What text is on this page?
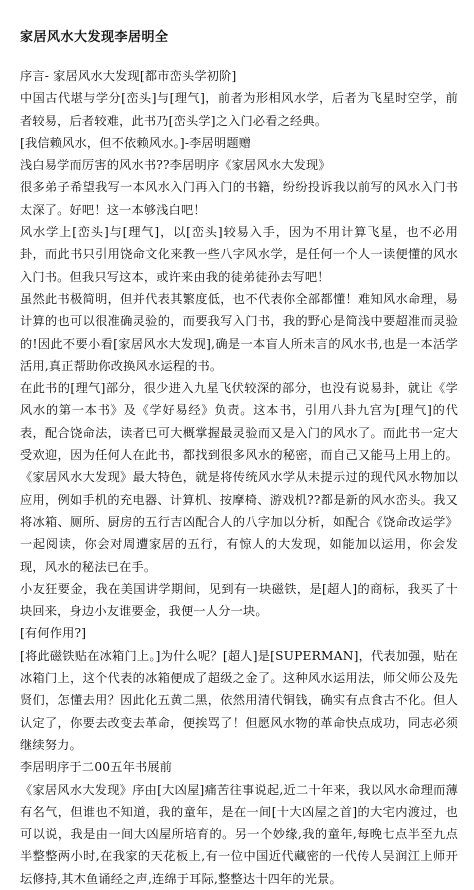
家居风水大发现李居明全

序言- 家居风水大发现[都市峦头学初阶]

中国古代堪与学分[峦头]与[理气]，前者为形相风水学，后者为飞星时空学，前者较易，后者较难，此书乃[峦头学]之入门必看之经典。

[我信赖风水，但不依赖风水。]-李居明题赠

浅白易学而厉害的风水书??李居明序《家居风水大发现》

很多弟子希望我写一本风水入门再入门的书籍，纷纷投诉我以前写的风水入门书太深了。好吧！这一本够浅白吧！

风水学上[峦头]与[理气]，以[峦头]较易入手，因为不用计算飞星，也不必用卦，而此书只引用饶命文化来教一些八字风水学，是任何一个人一读便懂的风水入门书。但我只写这本，或许来由我的徒弟徒孙去写吧！

虽然此书极简明，但并代表其繁度低，也不代表你全部都懂！难知风水命理，易计算的也可以很准确灵验的，而要我写入门书，我的野心是简浅中要超准而灵验的!因此不要小看[家居风水大发现],确是一本盲人所未言的风水书,也是一本活学活用,真正帮助你改换风水运程的书。

在此书的[理气]部分，很少进入九星飞伏较深的部分，也没有说易卦，就让《学风水的第一本书》及《学好易经》负责。这本书，引用八卦九宫为[理气]的代表，配合饶命法，读者已可大概掌握最灵验而又是入门的风水了。而此书一定大受欢迎，因为任何人在此书，都找到很多风水的秘密，而自己又能马上用上的。《家居风水大发现》最大特色，就是将传统风水学从未提示过的现代风水物加以应用，例如手机的充电器、计算机、按摩椅、游戏机??都是新的风水峦头。我又将冰箱、厕所、厨房的五行吉凶配合人的八字加以分析，如配合《饶命改运学》一起阅读，你会对周遭家居的五行，有惊人的大发现，如能加以运用，你会发现，风水的秘法已在手。

小友狂要金，我在美国讲学期间，见到有一块磁铁，是[超人]的商标，我买了十块回来，身边小友谁要金，我便一人分一块。

[有何作用?]

[将此磁铁贴在冰箱门上。]为什么呢？[超人]是[SUPERMAN]，代表加强，贴在冰箱门上，这个代表的冰箱便成了超级之金了。这种风水运用法，师父师公及先贤们，怎懂去用？因此化五黄二黑，依然用清代铜钱，确实有点食古不化。但人认定了，你要去改变去革命，便挨骂了！但愿风水物的革命快点成功，同志必须继续努力。

李居明序于二00五年书展前

《家居风水大发现》序由[大凶屋]痛苦往事说起,近二十年来，我以风水命理而薄有名气，但谁也不知道，我的童年，是在一间[十大凶屋之首]的大宅内渡过，也可以说，我是由一间大凶屋所培育的。另一个妙缘,我的童年,每晚七点半至九点半整整两小时,在我家的天花板上,有一位中国近代藏密的一代传人吴润江上师开坛修持,其木鱼诵经之声,连绵于耳际,整整达十四年的光景。
